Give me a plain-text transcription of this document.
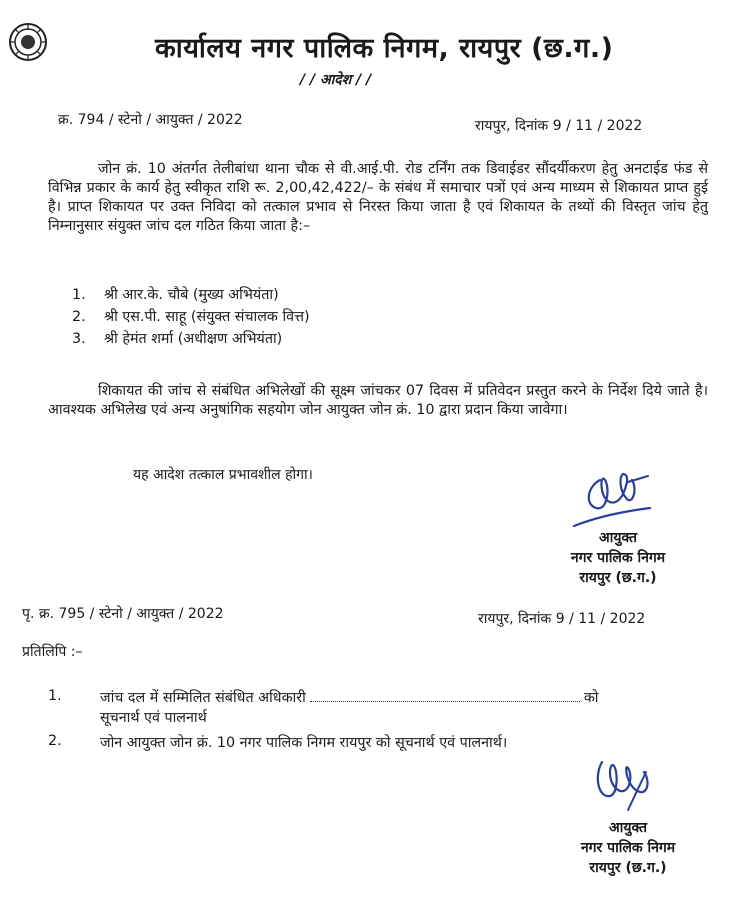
कार्यालय नगर पालिक निगम, रायपुर (छ.ग.)
/ / आदेश / /
क्र. 794 / स्टेनो / आयुक्त / 2022	रायपुर, दिनांक 9 / 11 / 2022
जोन क्रं. 10 अंतर्गत तेलीबांधा थाना चौक से वी.आई.पी. रोड टर्निंग तक डिवाईडर सौंदर्यीकरण हेतु अनटाईड फंड से विभिन्न प्रकार के कार्य हेतु स्वीकृत राशि रू. 2,00,42,422/– के संबंध में समाचार पत्रों एवं अन्य माध्यम से शिकायत प्राप्त हुई है। प्राप्त शिकायत पर उक्त निविदा को तत्काल प्रभाव से निरस्त किया जाता है एवं शिकायत के तथ्यों की विस्तृत जांच हेतु निम्नानुसार संयुक्त जांच दल गठित किया जाता है:–
1. श्री आर.के. चौबे (मुख्य अभियंता)
2. श्री एस.पी. साहू (संयुक्त संचालक वित्त)
3. श्री हेमंत शर्मा (अधीक्षण अभियंता)
शिकायत की जांच से संबंधित अभिलेखों की सूक्ष्म जांचकर 07 दिवस में प्रतिवेदन प्रस्तुत करने के निर्देश दिये जाते है। आवश्यक अभिलेख एवं अन्य अनुषांगिक सहयोग जोन आयुक्त जोन क्रं. 10 द्वारा प्रदान किया जावेगा।
यह आदेश तत्काल प्रभावशील होगा।
आयुक्त
नगर पालिक निगम
रायपुर (छ.ग.)
पृ. क्र. 795 / स्टेनो / आयुक्त / 2022	रायपुर, दिनांक 9 / 11 / 2022
प्रतिलिपि :–
1.	जांच दल में सम्मिलित संबंधित अधिकारी	को
सूचनार्थ एवं पालनार्थ
2.	जोन आयुक्त जोन क्रं. 10 नगर पालिक निगम रायपुर को सूचनार्थ एवं पालनार्थ।
आयुक्त
नगर पालिक निगम
रायपुर (छ.ग.)
